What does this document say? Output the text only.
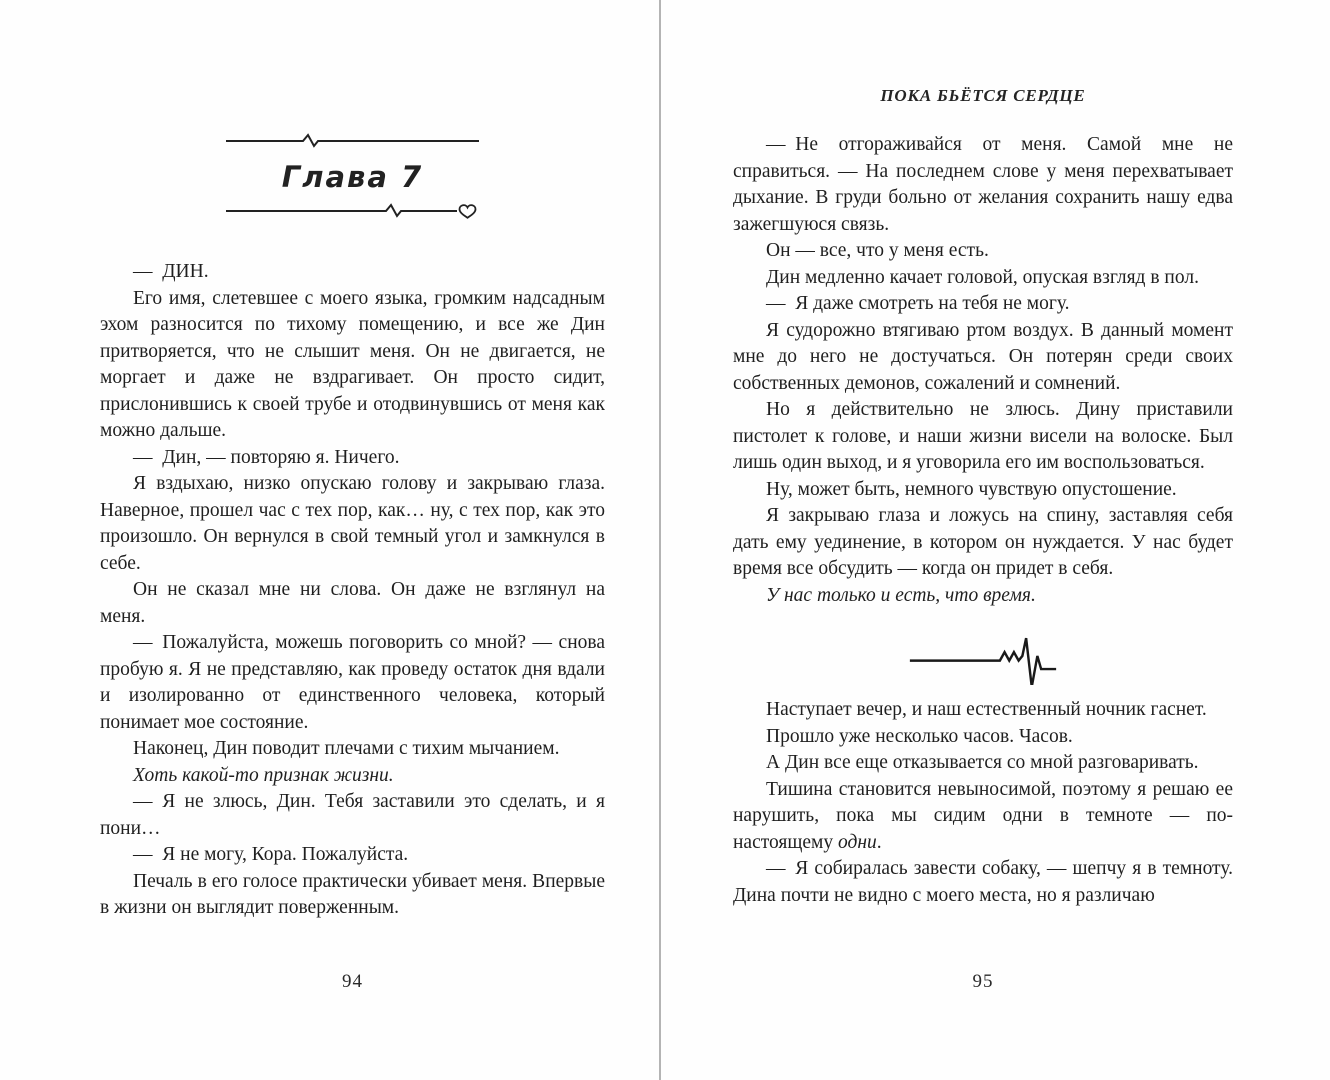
Глава 7

— ДИН.

Его имя, слетевшее с моего языка, громким надсадным эхом разносится по тихому помещению, и все же Дин притворяется, что не слышит меня. Он не двигается, не моргает и даже не вздрагивает. Он просто сидит, прислонившись к своей трубе и отодвинувшись от меня как можно дальше.

— Дин, — повторяю я. Ничего.

Я вздыхаю, низко опускаю голову и закрываю глаза. Наверное, прошел час с тех пор, как… ну, с тех пор, как это произошло. Он вернулся в свой темный угол и замкнулся в себе.

Он не сказал мне ни слова. Он даже не взглянул на меня.

— Пожалуйста, можешь поговорить со мной? — снова пробую я. Я не представляю, как проведу остаток дня вдали и изолированно от единственного человека, который понимает мое состояние.

Наконец, Дин поводит плечами с тихим мычанием.

Хоть какой-то признак жизни.

— Я не злюсь, Дин. Тебя заставили это сделать, и я пони…

— Я не могу, Кора. Пожалуйста.

Печаль в его голосе практически убивает меня. Впервые в жизни он выглядит поверженным.

94
ПОКА БЬЁТСЯ СЕРДЦЕ

— Не отгораживайся от меня. Самой мне не справиться. — На последнем слове у меня перехватывает дыхание. В груди больно от желания сохранить нашу едва зажегшуюся связь.

Он — все, что у меня есть.

Дин медленно качает головой, опуская взгляд в пол.

— Я даже смотреть на тебя не могу.

Я судорожно втягиваю ртом воздух. В данный момент мне до него не достучаться. Он потерян среди своих собственных демонов, сожалений и сомнений.

Но я действительно не злюсь. Дину приставили пистолет к голове, и наши жизни висели на волоске. Был лишь один выход, и я уговорила его им воспользоваться.

Ну, может быть, немного чувствую опустошение.

Я закрываю глаза и ложусь на спину, заставляя себя дать ему уединение, в котором он нуждается. У нас будет время все обсудить — когда он придет в себя.

У нас только и есть, что время.

Наступает вечер, и наш естественный ночник гаснет.

Прошло уже несколько часов. Часов.

А Дин все еще отказывается со мной разговаривать.

Тишина становится невыносимой, поэтому я решаю ее нарушить, пока мы сидим одни в темноте — по-настоящему одни.

— Я собиралась завести собаку, — шепчу я в темноту. Дина почти не видно с моего места, но я различаю

95
